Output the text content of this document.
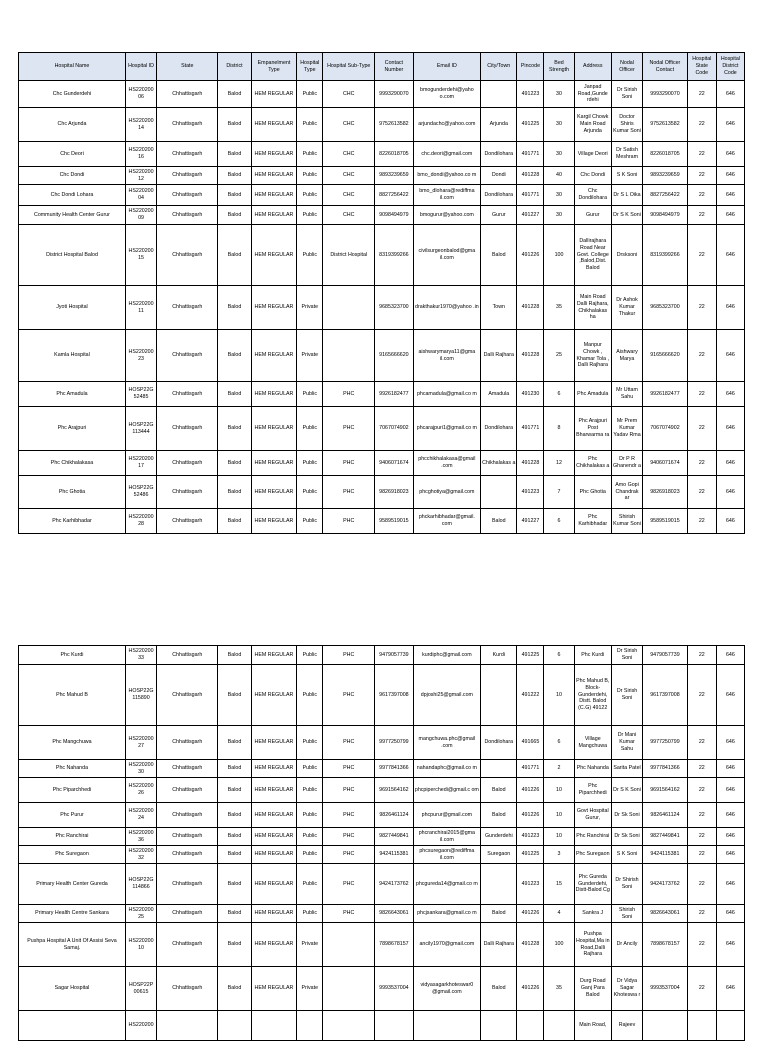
Hospital Name	Hospital ID	State	District	Empanelment Type	Hospital Type	Hospital Sub-Type	Contact Number	Email ID	City/Town	Pincode	Bed Strength	Address	Nodal Officer	Nodal Officer Contact	Hospital State Code	Hospital District Code
Chc Gunderdehi	HS220200 06	Chhattisgarh	Balod	HEM REGULAR	Public	CHC	9993290070	bmogunderdehi@yaho o.com		491223	30	Janpad Road,Gunde rdehi	Dr Sirish Soni	9993290070	22	646
Chc Arjunda	HS220200 14	Chhattisgarh	Balod	HEM REGULAR	Public	CHC	9752613582	arjundachc@yahoo.com	Arjunda	491225	30	Kargil Chowk Main Road Arjunda	Doctor Shiris Kumar Soni	9752613582	22	646
Chc Deori	HS220200 16	Chhattisgarh	Balod	HEM REGULAR	Public	CHC	8226018705	chc.deori@gmail.com	Dondilohara	491771	30	Village Deori	Dr Satish Meshram	8226018705	22	646
Chc Dondi	HS220200 12	Chhattisgarh	Balod	HEM REGULAR	Public	CHC	9893239659	bmo_dondi@yahoo.co m	Dondi	491228	40	Chc Dondi	S K Soni	9893239659	22	646
Chc Dondi Lohara	HS220200 04	Chhattisgarh	Balod	HEM REGULAR	Public	CHC	8827256422	bmo_dlohara@rediffma il.com	Dondilohara	491771	30	Chc Dondilohara	Dr S L Oika	8827256422	22	646
Community Health Center Gurur	HS220200 09	Chhattisgarh	Balod	HEM REGULAR	Public	CHC	9098494979	bmogurur@yahoo.com	Gurur	491227	30	Gurur	Dr S K Soni	9098494979	22	646
District Hospital Balod	HS220200 15	Chhattisgarh	Balod	HEM REGULAR	Public	District Hospital	8319399266	civilsurgeonbalod@gma il.com	Balod	491226	100	Dallirajhara Road Near Govt. College ,Balod,Dist. Balod	Drsksoni	8319399266	22	646
Jyoti Hospital	HS220200 11	Chhattisgarh	Balod	HEM REGULAR	Private		9685323700	drakthakur1970@yahoo .in	Town	491228	35	Main Road Dalli Rajhara, Chikhalakas ha	Dr Ashok Kumar Thakur	9685323700	22	646
Kamla Hospital	HS220200 23	Chhattisgarh	Balod	HEM REGULAR	Private		9165666620	aishwarymarya11@gma il.com	Dalli Rajhara	491228	25	Manpur Chowk , Khamar Tola , Dalli Rajhara	Aishwary Marya	9165666620	22	646
Phc Amadula	HOSP22G 52485	Chhattisgarh	Balod	HEM REGULAR	Public	PHC	9926182477	phcamadula@gmail.co m	Amadula	491230	6	Phc Amadula	Mr Uttam Sahu	9926182477	22	646
Phc Arajpuri	HOSP22G 113444	Chhattisgarh	Balod	HEM REGULAR	Public	PHC	7067074902	phcarajpuri1@gmail.co m	Dondilohara	491771	8	Phc Arajpuri Post Bharwarma ra	Mr Prem Kumar Yadav Rma	7067074902	22	646
Phc Chikhalakasa	HS220200 17	Chhattisgarh	Balod	HEM REGULAR	Public	PHC	9406071674	phcchikhalakasa@gmail .com	Chikhalakas a	491228	12	Phc Chikhalakas a	Dr P R Ghanendr a	9406071674	22	646
Phc Ghotia	HOSP22G 52486	Chhattisgarh	Balod	HEM REGULAR	Public	PHC	9826918023	phcghotiya@gmail.com		491223	7	Phc Ghotia	Amo Gopi Chandrak ar	9826918023	22	646
Phc Karhibhadar	HS220200 28	Chhattisgarh	Balod	HEM REGULAR	Public	PHC	9589519015	phckarhibhadar@gmail. com	Balod	491227	6	Phc Karhibhadar	Shirish Kumar Soni	9589519015	22	646
Phc Kurdi	HS220200 33	Chhattisgarh	Balod	HEM REGULAR	Public	PHC	9479057739	kurdiphc@gmail.com	Kurdi	491225	6	Phc Kurdi	Dr Sirish Soni	9479057739	22	646
Phc Mahud B	HOSP22G 115890	Chhattisgarh	Balod	HEM REGULAR	Public	PHC	9617397008	dpjoshi25@gmail.com		491222	10	Phc Mahud B, Block-Gunderdehi, Distt. Balod (C.G) 49122	Dr Sirish Soni	9617397008	22	646
Phc Mangchuwa	HS220200 27	Chhattisgarh	Balod	HEM REGULAR	Public	PHC	9977250799	mangchuwa.phc@gmail .com	Dondilohara	491665	6	Village Mangchuwa	Dr Mani Kumar Sahu	9977250799	22	646
Phc Nahanda	HS220200 30	Chhattisgarh	Balod	HEM REGULAR	Public	PHC	9977841366	nahandaphc@gmail.co m		491771	2	Phc Nahanda	Sarita Patel	9977841366	22	646
Phc Piparchhedi	HS220200 26	Chhattisgarh	Balod	HEM REGULAR	Public	PHC	9691564162	phcpiperchedi@gmail.c om	Balod	491226	10	Phc Piparchhedi	Dr S K Soni	9691564162	22	646
Phc Purur	HS220200 24	Chhattisgarh	Balod	HEM REGULAR	Public	PHC	9826461124	phcpurur@gmail.com	Balod	491226	10	Govt Hospital Gurur,	Dr Sk Soni	9826461124	22	646
Phc Ranchirai	HS220200 36	Chhattisgarh	Balod	HEM REGULAR	Public	PHC	9827449841	phcranchirai2015@gma il.com	Gunderdehi	491223	10	Phc Ranchirai	Dr Sk Soni	9827449841	22	646
Phc Suregaon	HS220200 32	Chhattisgarh	Balod	HEM REGULAR	Public	PHC	9424115381	phcsuregaon@rediffma il.com	Suregaon	491225	3	Phc Suregaon	S K Soni	9424115381	22	646
Primary Health Center Gureda	HOSP22G 114866	Chhattisgarh	Balod	HEM REGULAR	Public	PHC	9424173762	phcgureda14@gmail.co m		491223	15	Phc Gureda Gunderdehi, Distt-Balod Cg	Dr Shirish Soni	9424173762	22	646
Primary Health Centre Sankara	HS220200 25	Chhattisgarh	Balod	HEM REGULAR	Public	PHC	9826643061	phcjsankara@gmail.co m	Balod	491226	4	Sankra J	Shirish Soni	9826643061	22	646
Pushpa Hospital A Unit Of Assisi Seva Samaj.	HS220200 10	Chhattisgarh	Balod	HEM REGULAR	Private		7898678157	ancily1970@gmail.com	Dalli Rajhara	491228	100	Pushpa Hospital,Ma in Road,Dalli Rajhara	Dr Ancily	7898678157	22	646
Sagar Hospital	HOSP22P 00615	Chhattisgarh	Balod	HEM REGULAR	Private		9993537004	vidyasagarkhoteswar0 @gmail.com	Balod	491226	35	Durg Road Ganj Para Balod	Dr Vidya Sagar Khoteswa r	9993537004	22	646
	HS220200											Main Road,	Rajeev			
